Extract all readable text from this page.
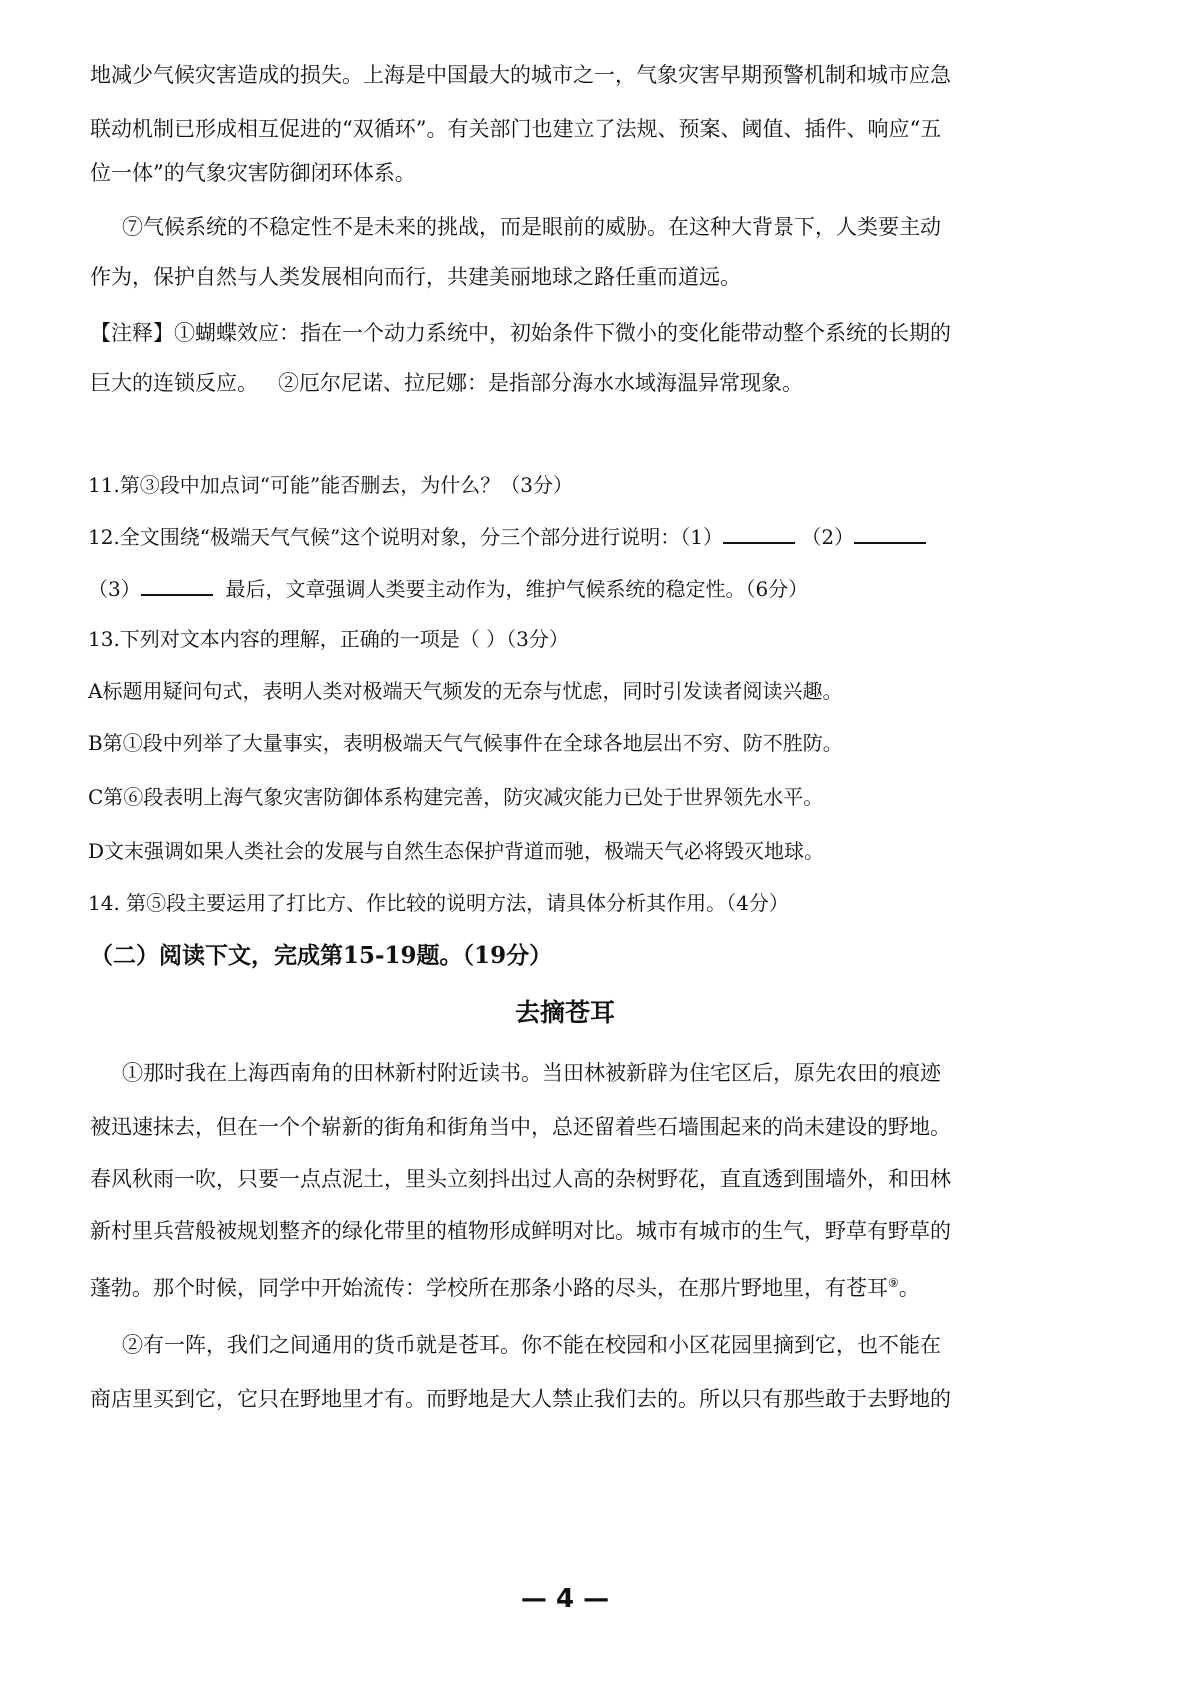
地减少气候灾害造成的损失。上海是中国最大的城市之一，气象灾害早期预警机制和城市应急
联动机制已形成相互促进的“双循环”。有关部门也建立了法规、预案、阈值、插件、响应“五
位一体”的气象灾害防御闭环体系。
⑦气候系统的不稳定性不是未来的挑战，而是眼前的威胁。在这种大背景下，人类要主动
作为，保护自然与人类发展相向而行，共建美丽地球之路任重而道远。
【注释】①蝴蝶效应：指在一个动力系统中，初始条件下微小的变化能带动整个系统的长期的
巨大的连锁反应。   ②厄尔尼诺、拉尼娜：是指部分海水水域海温异常现象。
11.第③段中加点词“可能”能否删去，为什么？（3分）
12.全文围绕“极端天气气候”这个说明对象，分三个部分进行说明：（1）	（2）
（3）	最后，文章强调人类要主动作为，维护气候系统的稳定性。（6分）
13.下列对文本内容的理解，正确的一项是（ ）（3分）
A标题用疑问句式，表明人类对极端天气频发的无奈与忧虑，同时引发读者阅读兴趣。
B第①段中列举了大量事实，表明极端天气气候事件在全球各地层出不穷、防不胜防。
C第⑥段表明上海气象灾害防御体系构建完善，防灾减灾能力已处于世界领先水平。
D文末强调如果人类社会的发展与自然生态保护背道而驰，极端天气必将毁灭地球。
14. 第⑤段主要运用了打比方、作比较的说明方法，请具体分析其作用。（4分）
（二）阅读下文，完成第15-19题。（19分）
去摘苍耳
①那时我在上海西南角的田林新村附近读书。当田林被新辟为住宅区后，原先农田的痕迹
被迅速抹去，但在一个个崭新的街角和街角当中，总还留着些石墙围起来的尚未建设的野地。
春风秋雨一吹，只要一点点泥土，里头立刻抖出过人高的杂树野花，直直透到围墙外，和田林
新村里兵营般被规划整齐的绿化带里的植物形成鲜明对比。城市有城市的生气，野草有野草的
蓬勃。那个时候，同学中开始流传：学校所在那条小路的尽头，在那片野地里，有苍耳⑨。
②有一阵，我们之间通用的货币就是苍耳。你不能在校园和小区花园里摘到它，也不能在
商店里买到它，它只在野地里才有。而野地是大人禁止我们去的。所以只有那些敢于去野地的
— 4 —
